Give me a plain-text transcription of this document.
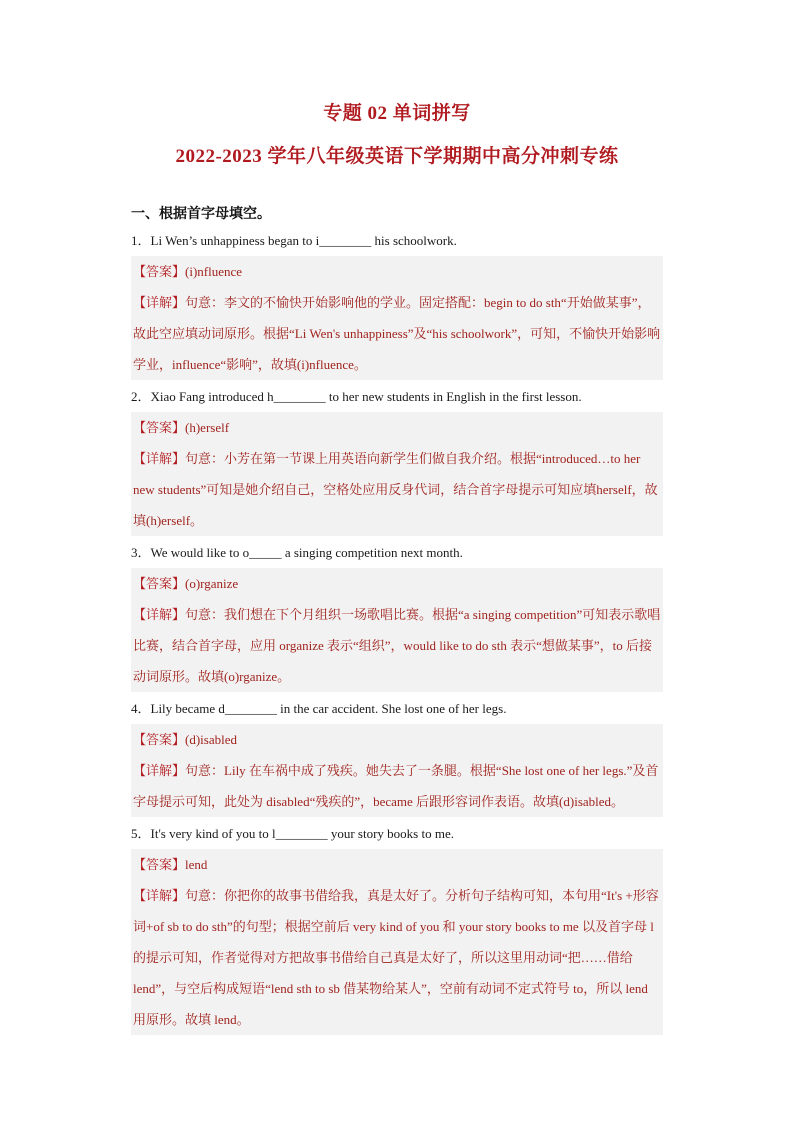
专题 02 单词拼写
2022-2023 学年八年级英语下学期期中高分冲刺专练
一、根据首字母填空。

1．Li Wen’s unhappiness began to i________ his schoolwork.

【答案】(i)nfluence

【详解】句意：李文的不愉快开始影响他的学业。固定搭配：begin to do sth“开始做某事”，故此空应填动词原形。根据“Li Wen's unhappiness”及“his schoolwork”，可知，不愉快开始影响学业，influence“影响”，故填(i)nfluence。

2．Xiao Fang introduced h________ to her new students in English in the first lesson.

【答案】(h)erself

【详解】句意：小芳在第一节课上用英语向新学生们做自我介绍。根据“introduced…to her new students”可知是她介绍自己，空格处应用反身代词，结合首字母提示可知应填herself，故填(h)erself。

3．We would like to o_____ a singing competition next month.

【答案】(o)rganize

【详解】句意：我们想在下个月组织一场歌唱比赛。根据“a singing competition”可知表示歌唱比赛，结合首字母，应用 organize 表示“组织”，would like to do sth 表示“想做某事”，to 后接动词原形。故填(o)rganize。

4．Lily became d________ in the car accident. She lost one of her legs.

【答案】(d)isabled

【详解】句意：Lily 在车祸中成了残疾。她失去了一条腿。根据“She lost one of her legs.”及首字母提示可知，此处为 disabled“残疾的”，became 后跟形容词作表语。故填(d)isabled。

5．It's very kind of you to l________ your story books to me.

【答案】lend

【详解】句意：你把你的故事书借给我，真是太好了。分析句子结构可知，本句用“It's +形容词+of sb to do sth”的句型；根据空前后 very kind of you 和 your story books to me 以及首字母 l 的提示可知，作者觉得对方把故事书借给自己真是太好了，所以这里用动词“把……借给 lend”，与空后构成短语“lend sth to sb 借某物给某人”，空前有动词不定式符号 to，所以 lend 用原形。故填 lend。
